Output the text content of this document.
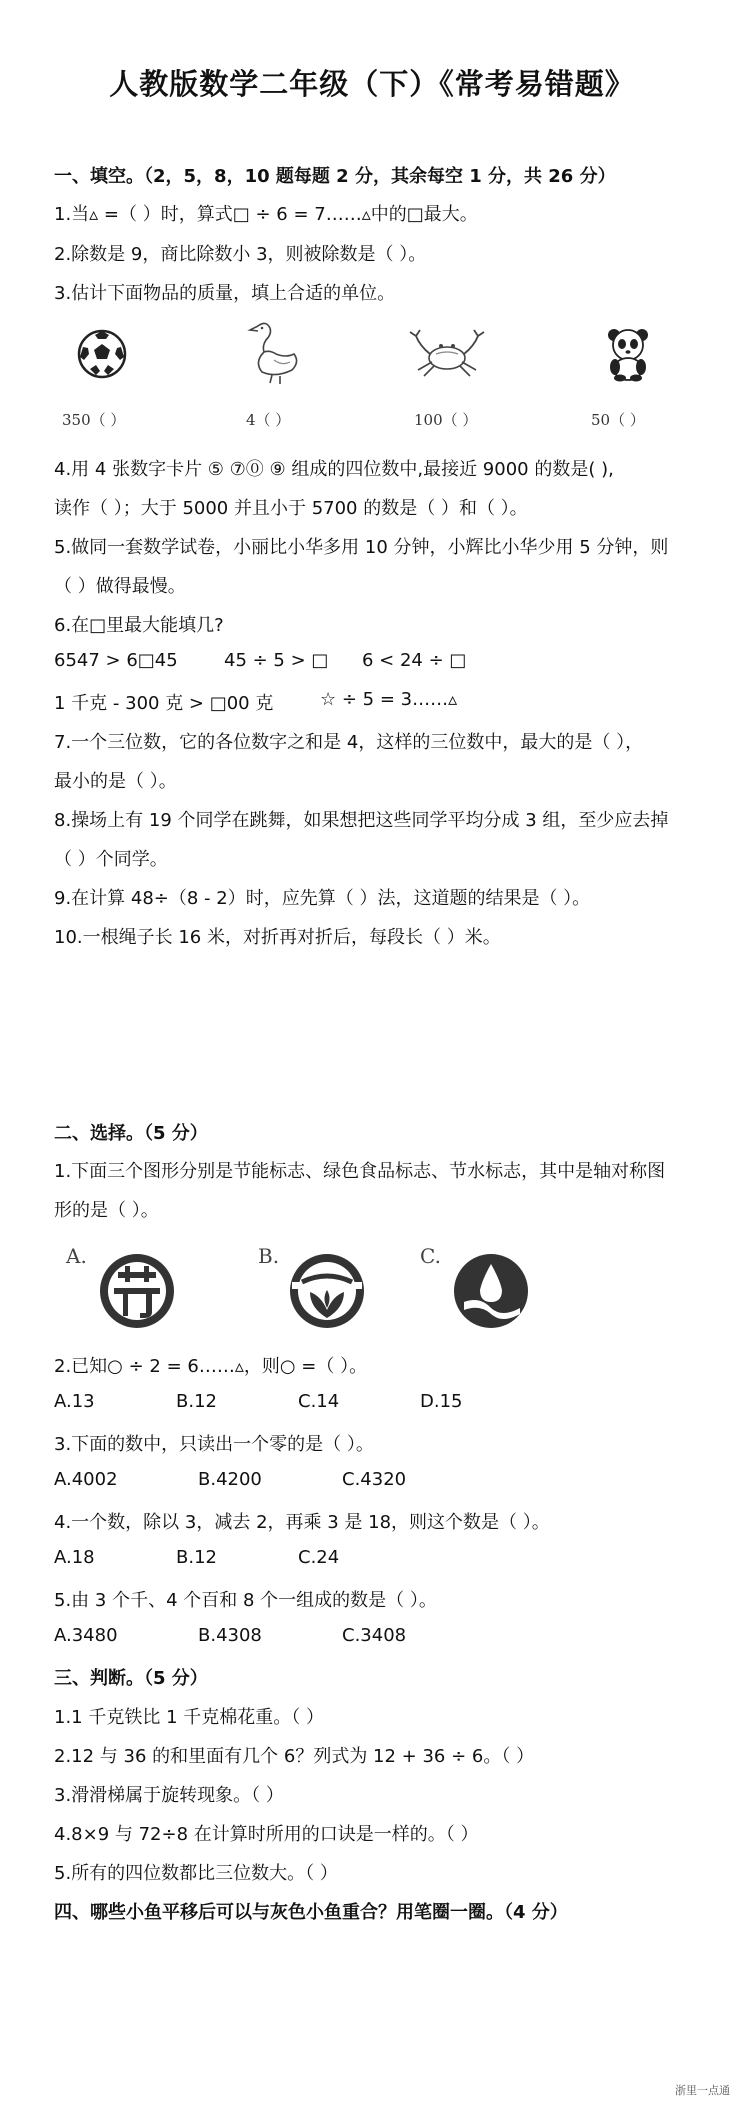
人教版数学二年级（下）《常考易错题》
一、填空。（2，5，8，10 题每题 2 分，其余每空 1 分，共 26 分）
1.当▵ =（ ）时，算式□ ÷ 6 = 7……▵中的□最大。
2.除数是 9，商比除数小 3，则被除数是（ ）。
3.估计下面物品的质量，填上合适的单位。
350（ ）	4（ ）	100（ ）	50（ ）
4.用 4 张数字卡片 ⑤ ⑦⓪ ⑨ 组成的四位数中,最接近 9000 的数是( ),
读作（ ）；大于 5000 并且小于 5700 的数是（ ）和（ ）。
5.做同一套数学试卷，小丽比小华多用 10 分钟，小辉比小华少用 5 分钟，则
（ ）做得最慢。
6.在□里最大能填几?
6547 > 6□45	45 ÷ 5 > □ 6 < 24 ÷ □
1 千克 - 300 克 > □00 克	☆ ÷ 5 = 3……▵
7.一个三位数，它的各位数字之和是 4，这样的三位数中，最大的是（ ），
最小的是（ ）。
8.操场上有 19 个同学在跳舞，如果想把这些同学平均分成 3 组，至少应去掉
（ ）个同学。
9.在计算 48÷（8 - 2）时，应先算（ ）法，这道题的结果是（ ）。
10.一根绳子长 16 米，对折再对折后，每段长（ ）米。
二、选择。（5 分）
1.下面三个图形分别是节能标志、绿色食品标志、节水标志，其中是轴对称图
形的是（ ）。
A.	B.	C.
2.已知○ ÷ 2 = 6……▵，则○ =（ ）。
A.13	B.12	C.14	D.15
3.下面的数中，只读出一个零的是（ ）。
A.4002	B.4200	C.4320
4.一个数，除以 3，减去 2，再乘 3 是 18，则这个数是（ ）。
A.18	B.12	C.24
5.由 3 个千、4 个百和 8 个一组成的数是（ ）。
A.3480	B.4308	C.3408
三、判断。（5 分）
1.1 千克铁比 1 千克棉花重。（ ）
2.12 与 36 的和里面有几个 6？列式为 12 + 36 ÷ 6。（ ）
3.滑滑梯属于旋转现象。（ ）
4.8×9 与 72÷8 在计算时所用的口诀是一样的。（ ）
5.所有的四位数都比三位数大。（ ）
四、哪些小鱼平移后可以与灰色小鱼重合？用笔圈一圈。（4 分）
浙里一点通
